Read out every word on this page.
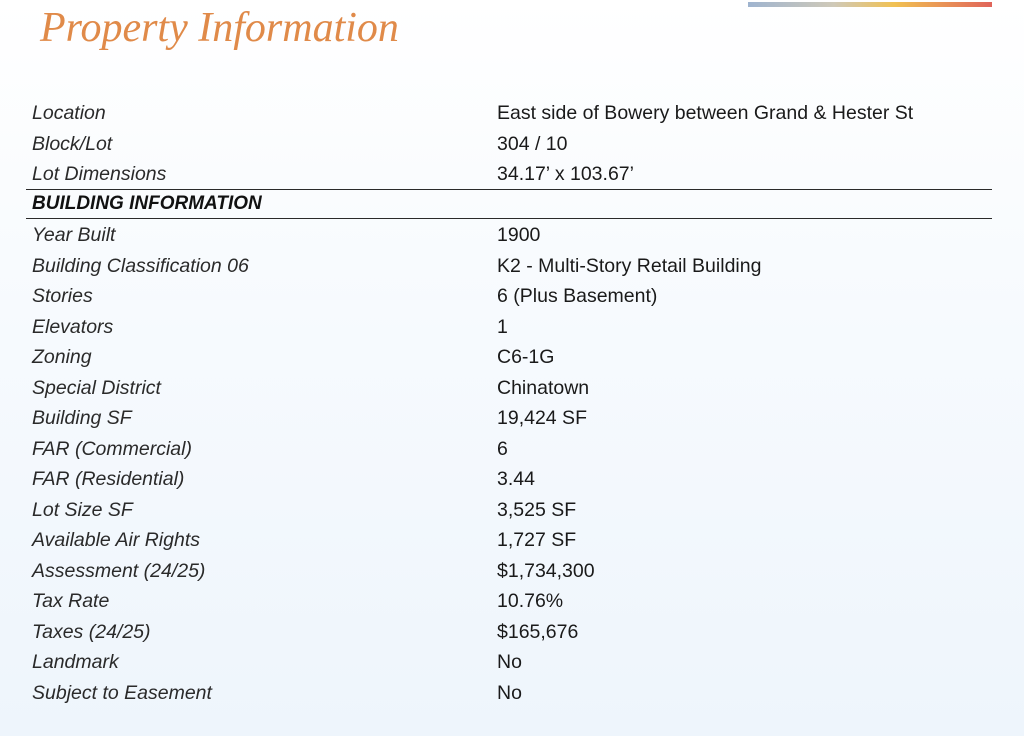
Property Information
Location	East side of Bowery between Grand & Hester St
Block/Lot	304 / 10
Lot Dimensions	34.17’ x 103.67’
BUILDING INFORMATION
Year Built	1900
Building Classification 06	K2 - Multi-Story Retail Building
Stories	6 (Plus Basement)
Elevators	1
Zoning	C6-1G
Special District	Chinatown
Building SF	19,424 SF
FAR (Commercial)	6
FAR (Residential)	3.44
Lot Size SF	3,525 SF
Available Air Rights	1,727 SF
Assessment (24/25)	$1,734,300
Tax Rate	10.76%
Taxes (24/25)	$165,676
Landmark	No
Subject to Easement	No
